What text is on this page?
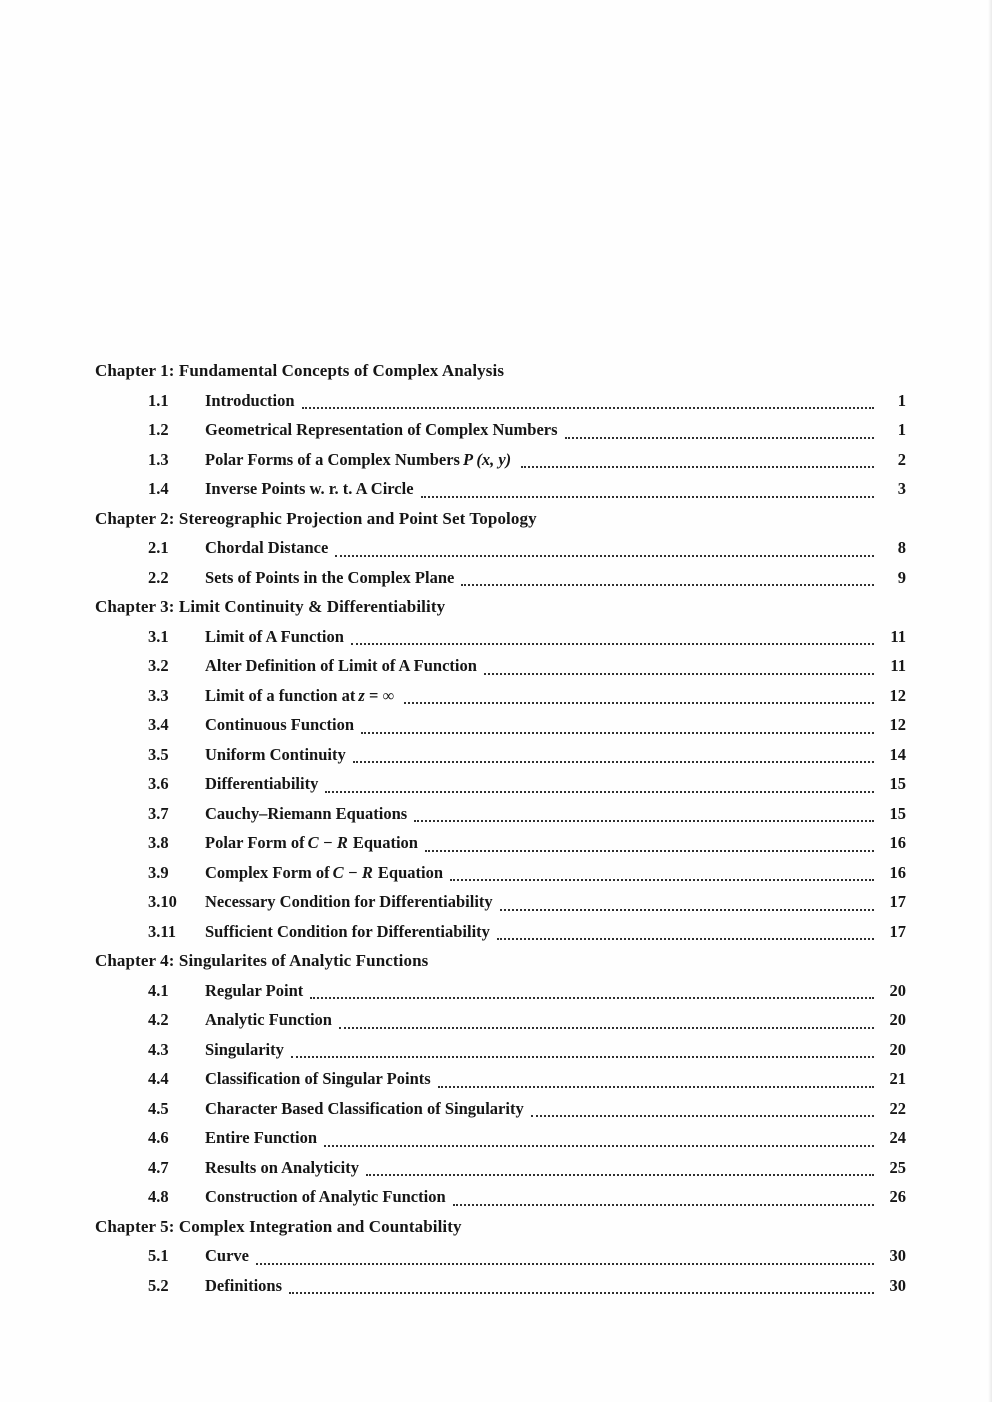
Chapter 1: Fundamental Concepts of Complex Analysis
1.1	Introduction	1
1.2	Geometrical Representation of Complex Numbers	1
1.3	Polar Forms of a Complex Numbers P (x, y)	2
1.4	Inverse Points w. r. t. A Circle	3
Chapter 2: Stereographic Projection and Point Set Topology
2.1	Chordal Distance	8
2.2	Sets of Points in the Complex Plane	9
Chapter 3: Limit Continuity & Differentiability
3.1	Limit of A Function	11
3.2	Alter Definition of Limit of A Function	11
3.3	Limit of a function at z = ∞	12
3.4	Continuous Function	12
3.5	Uniform Continuity	14
3.6	Differentiability	15
3.7	Cauchy–Riemann Equations	15
3.8	Polar Form of C − R Equation	16
3.9	Complex Form of C − R Equation	16
3.10	Necessary Condition for Differentiability	17
3.11	Sufficient Condition for Differentiability	17
Chapter 4: Singularites of Analytic Functions
4.1	Regular Point	20
4.2	Analytic Function	20
4.3	Singularity	20
4.4	Classification of Singular Points	21
4.5	Character Based Classification of Singularity	22
4.6	Entire Function	24
4.7	Results on Analyticity	25
4.8	Construction of Analytic Function	26
Chapter 5: Complex Integration and Countability
5.1	Curve	30
5.2	Definitions	30
